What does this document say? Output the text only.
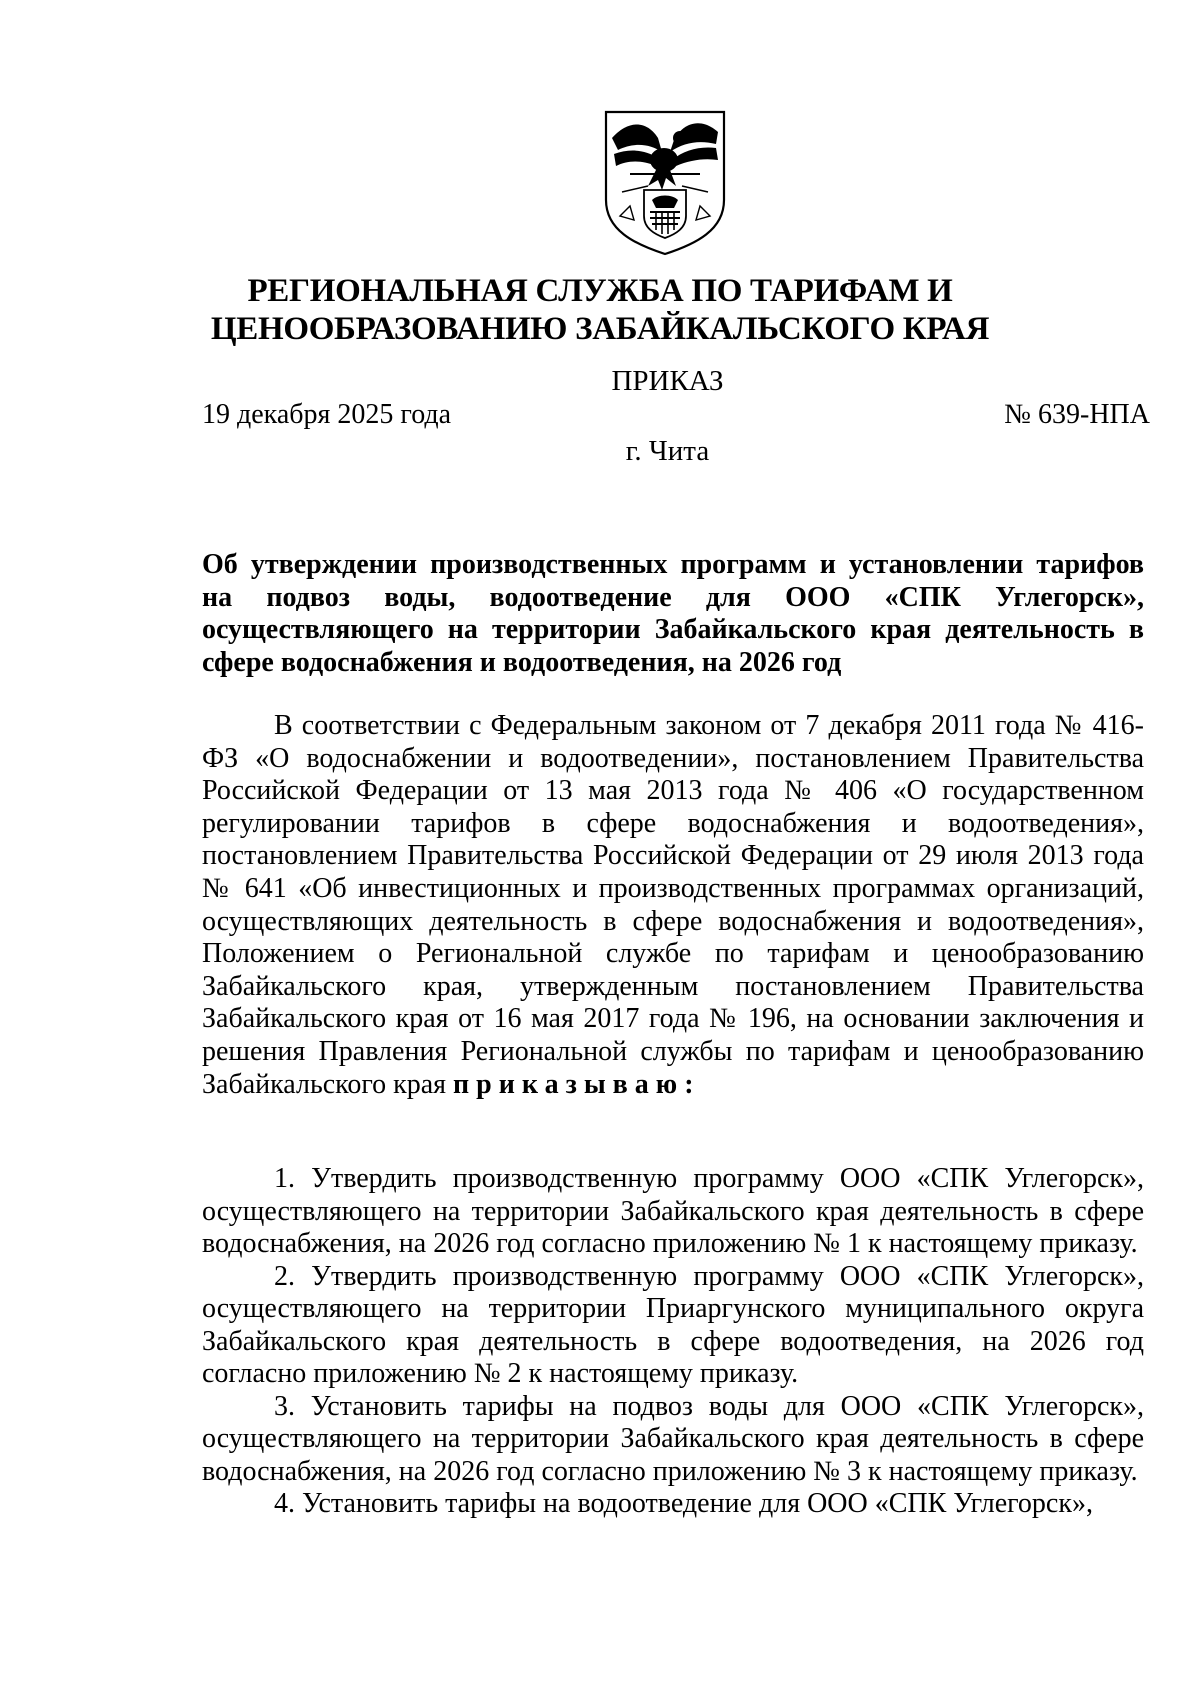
РЕГИОНАЛЬНАЯ СЛУЖБА ПО ТАРИФАМ И
ЦЕНООБРАЗОВАНИЮ ЗАБАЙКАЛЬСКОГО КРАЯ
ПРИКАЗ
19 декабря 2025 года	№ 639-НПА
г. Чита
Об утверждении производственных программ и установлении тарифов на подвоз воды, водоотведение для ООО «СПК Углегорск», осуществляющего на территории Забайкальского края деятельность в сфере водоснабжения и водоотведения, на 2026 год
В соответствии с Федеральным законом от 7 декабря 2011 года № 416-ФЗ «О водоснабжении и водоотведении», постановлением Правительства Российской Федерации от 13 мая 2013 года № 406 «О государственном регулировании тарифов в сфере водоснабжения и водоотведения», постановлением Правительства Российской Федерации от 29 июля 2013 года № 641 «Об инвестиционных и производственных программах организаций, осуществляющих деятельность в сфере водоснабжения и водоотведения», Положением о Региональной службе по тарифам и ценообразованию Забайкальского края, утвержденным постановлением Правительства Забайкальского края от 16 мая 2017 года № 196, на основании заключения и решения Правления Региональной службы по тарифам и ценообразованию Забайкальского края приказываю:

1. Утвердить производственную программу ООО «СПК Углегорск», осуществляющего на территории Забайкальского края деятельность в сфере водоснабжения, на 2026 год согласно приложению № 1 к настоящему приказу.

2. Утвердить производственную программу ООО «СПК Углегорск», осуществляющего на территории Приаргунского муниципального округа Забайкальского края деятельность в сфере водоотведения, на 2026 год согласно приложению № 2 к настоящему приказу.

3. Установить тарифы на подвоз воды для ООО «СПК Углегорск», осуществляющего на территории Забайкальского края деятельность в сфере водоснабжения, на 2026 год согласно приложению № 3 к настоящему приказу.

4. Установить тарифы на водоотведение для ООО «СПК Углегорск»,
